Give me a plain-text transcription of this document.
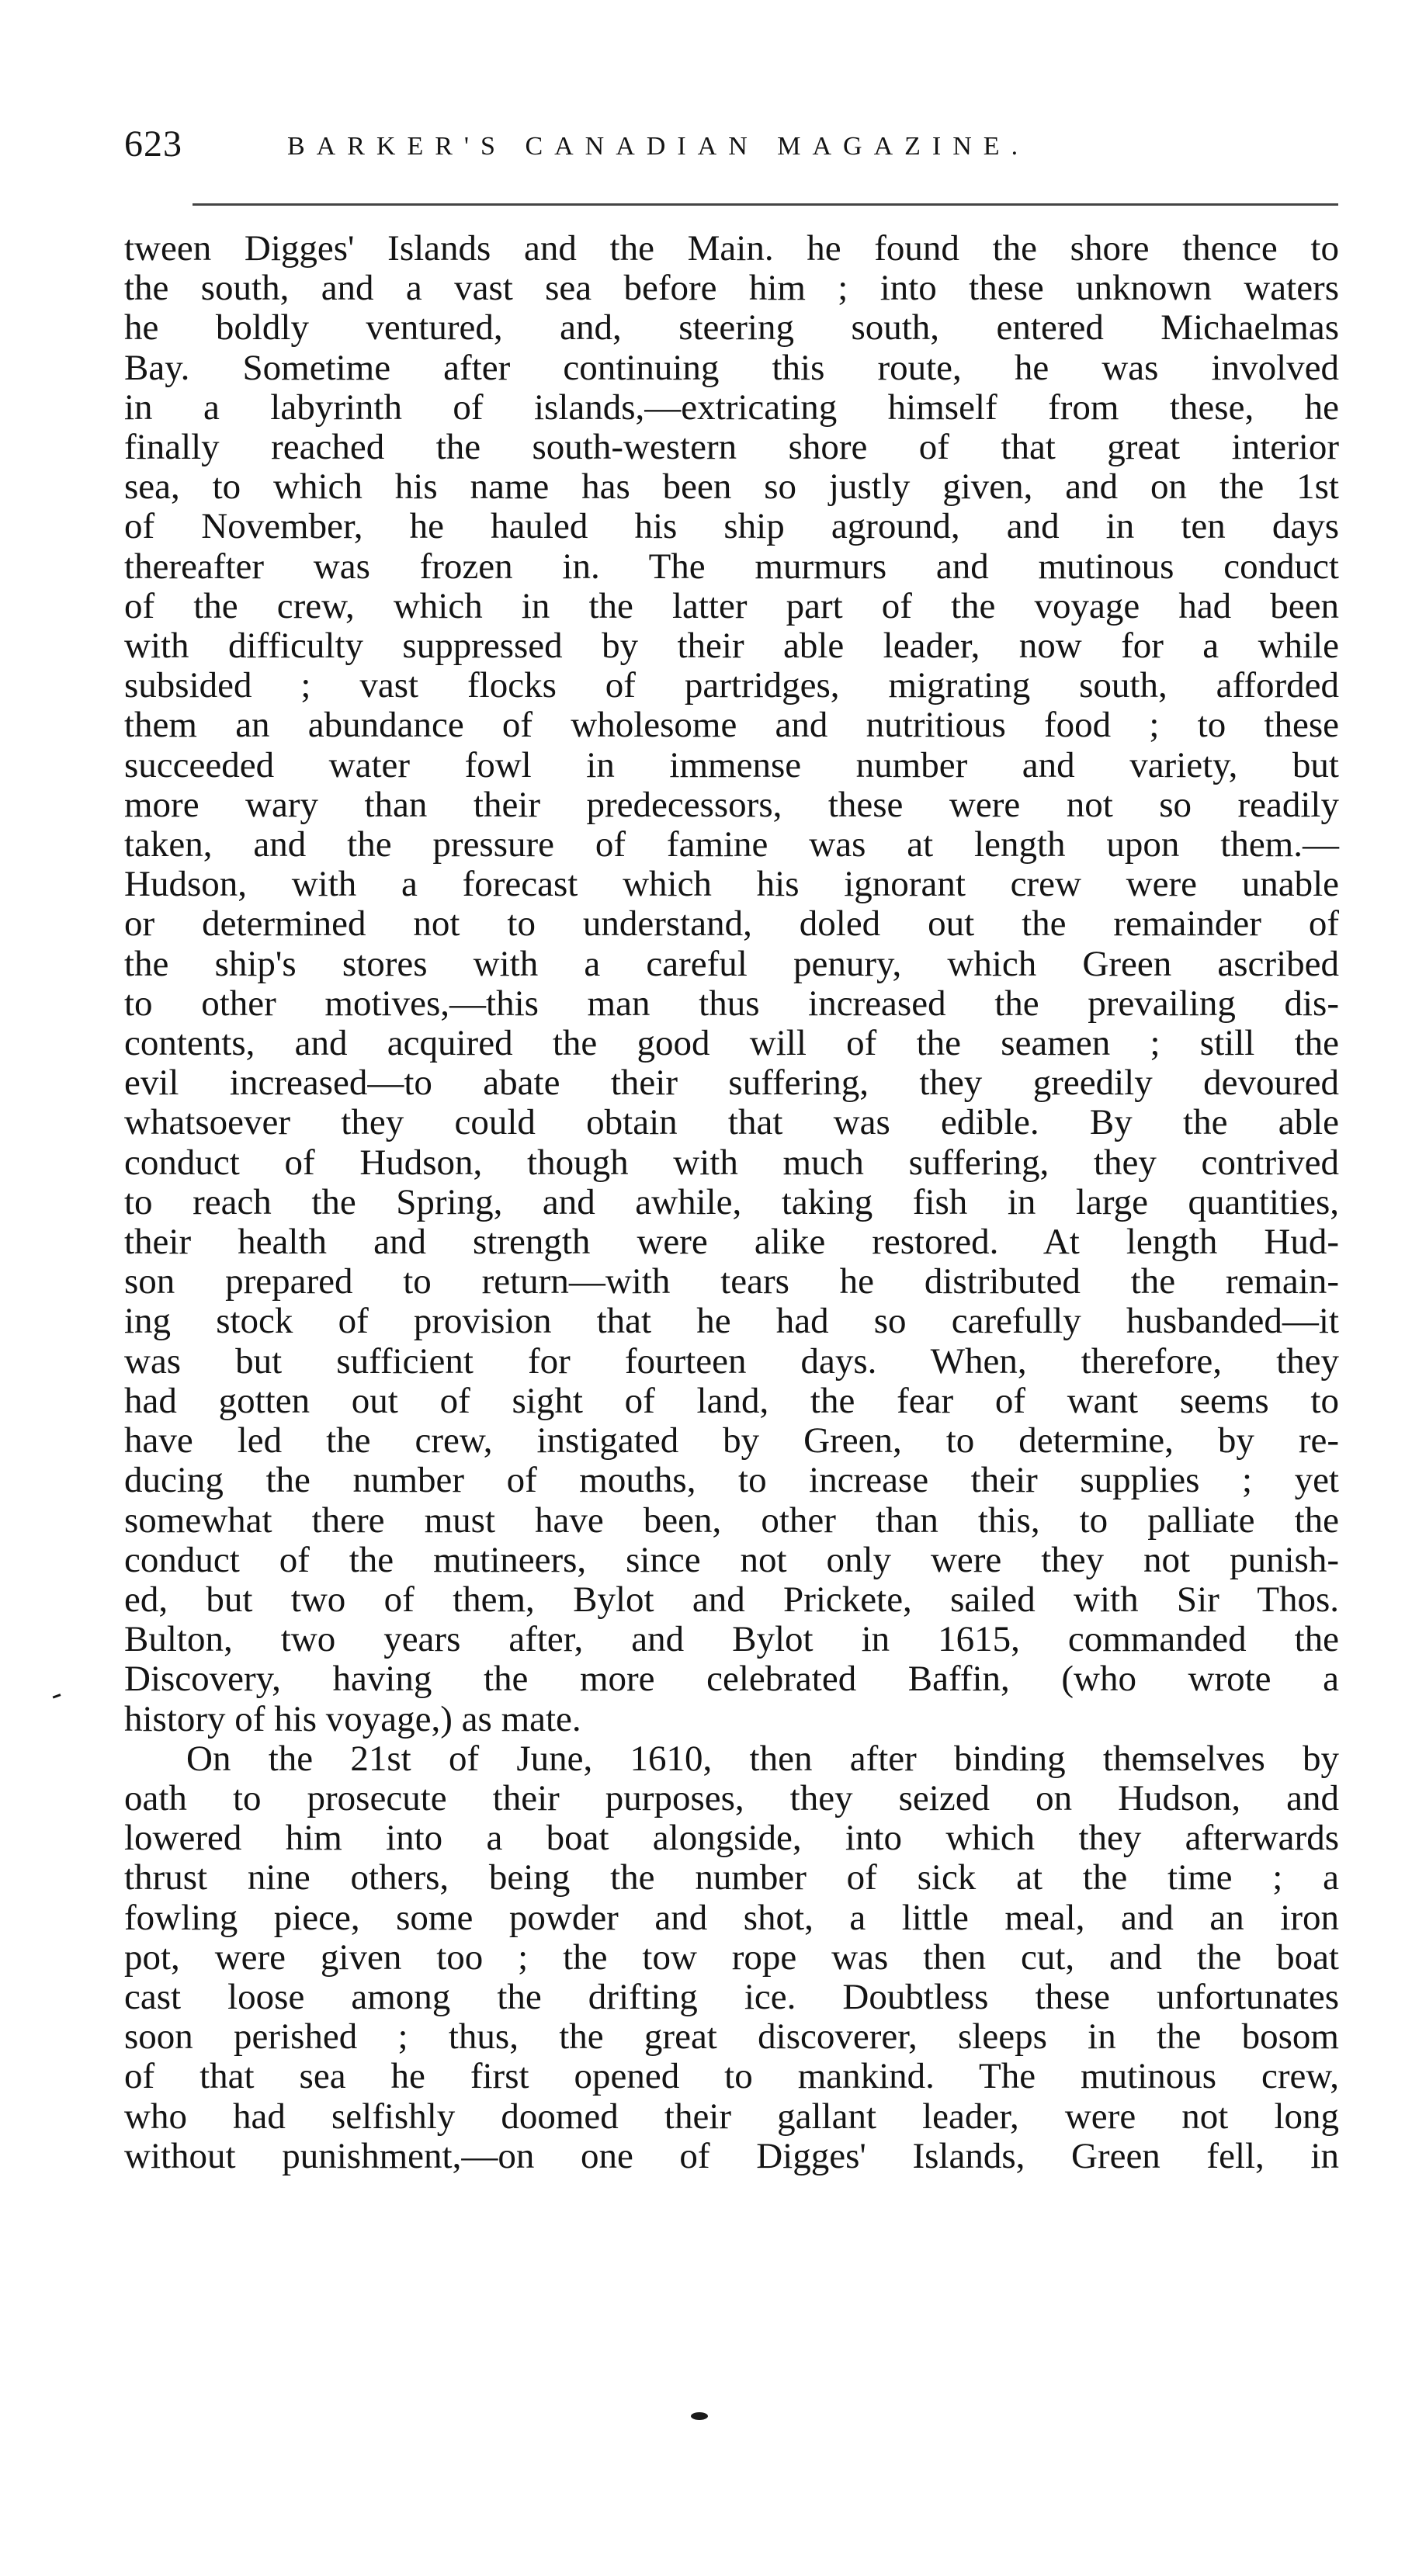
623	BARKER'S CANADIAN MAGAZINE.
tween Digges' Islands and the Main. he found the shore thence to
the south, and a vast sea before him ; into these unknown waters
he boldly ventured, and, steering south, entered Michaelmas
Bay. Sometime after continuing this route, he was involved
in a labyrinth of islands,—extricating himself from these, he
finally reached the south-western shore of that great interior
sea, to which his name has been so justly given, and on the 1st
of November, he hauled his ship aground, and in ten days
thereafter was frozen in. The murmurs and mutinous conduct
of the crew, which in the latter part of the voyage had been
with difficulty suppressed by their able leader, now for a while
subsided ; vast flocks of partridges, migrating south, afforded
them an abundance of wholesome and nutritious food ; to these
succeeded water fowl in immense number and variety, but
more wary than their predecessors, these were not so readily
taken, and the pressure of famine was at length upon them.—
Hudson, with a forecast which his ignorant crew were unable
or determined not to understand, doled out the remainder of
the ship's stores with a careful penury, which Green ascribed
to other motives,—this man thus increased the prevailing dis-
contents, and acquired the good will of the seamen ; still the
evil increased—to abate their suffering, they greedily devoured
whatsoever they could obtain that was edible. By the able
conduct of Hudson, though with much suffering, they contrived
to reach the Spring, and awhile, taking fish in large quantities,
their health and strength were alike restored. At length Hud-
son prepared to return—with tears he distributed the remain-
ing stock of provision that he had so carefully husbanded—it
was but sufficient for fourteen days. When, therefore, they
had gotten out of sight of land, the fear of want seems to
have led the crew, instigated by Green, to determine, by re-
ducing the number of mouths, to increase their supplies ; yet
somewhat there must have been, other than this, to palliate the
conduct of the mutineers, since not only were they not punish-
ed, but two of them, Bylot and Prickete, sailed with Sir Thos.
Bulton, two years after, and Bylot in 1615, commanded the
Discovery, having the more celebrated Baffin, (who wrote a
history of his voyage,) as mate.
On the 21st of June, 1610, then after binding themselves by
oath to prosecute their purposes, they seized on Hudson, and
lowered him into a boat alongside, into which they afterwards
thrust nine others, being the number of sick at the time ; a
fowling piece, some powder and shot, a little meal, and an iron
pot, were given too ; the tow rope was then cut, and the boat
cast loose among the drifting ice. Doubtless these unfortunates
soon perished ; thus, the great discoverer, sleeps in the bosom
of that sea he first opened to mankind. The mutinous crew,
who had selfishly doomed their gallant leader, were not long
without punishment,—on one of Digges' Islands, Green fell, in
‐
